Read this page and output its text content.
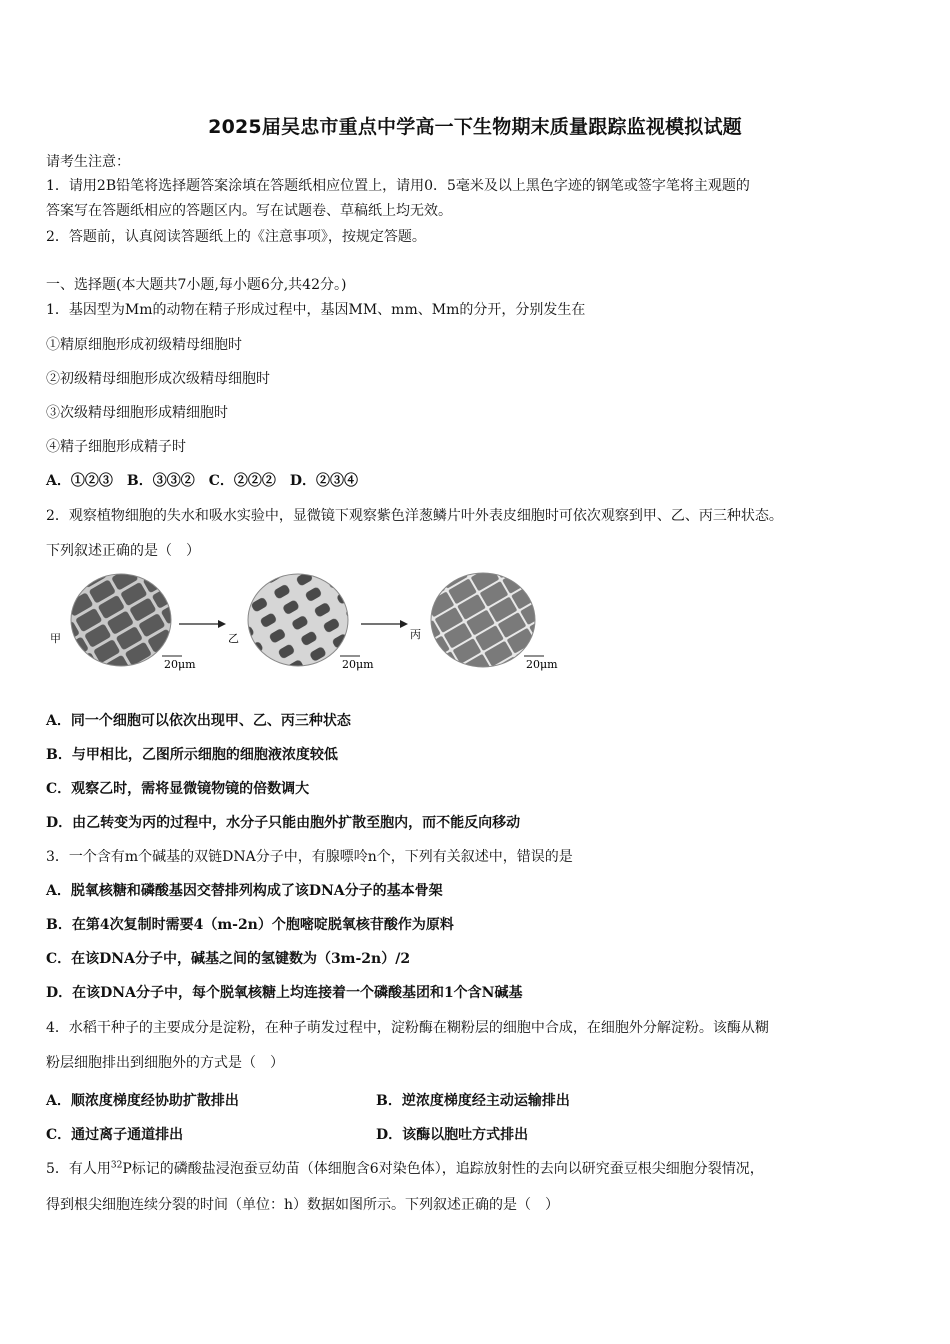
2025届吴忠市重点中学高一下生物期末质量跟踪监视模拟试题
请考生注意：
1．请用2B铅笔将选择题答案涂填在答题纸相应位置上，请用0．5毫米及以上黑色字迹的钢笔或签字笔将主观题的
答案写在答题纸相应的答题区内。写在试题卷、草稿纸上均无效。
2．答题前，认真阅读答题纸上的《注意事项》，按规定答题。
一、选择题(本大题共7小题,每小题6分,共42分。)
1．基因型为Mm的动物在精子形成过程中，基因MM、mm、Mm的分开，分别发生在
①精原细胞形成初级精母细胞时
②初级精母细胞形成次级精母细胞时
③次级精母细胞形成精细胞时
④精子细胞形成精子时
A．①②③　B．③③②　C．②②②　D．②③④
2．观察植物细胞的失水和吸水实验中，显微镜下观察紫色洋葱鳞片叶外表皮细胞时可依次观察到甲、乙、丙三种状态。
下列叙述正确的是（　）
甲
20μm
乙
20μm
丙
20μm
A．同一个细胞可以依次出现甲、乙、丙三种状态
B．与甲相比，乙图所示细胞的细胞液浓度较低
C．观察乙时，需将显微镜物镜的倍数调大
D．由乙转变为丙的过程中，水分子只能由胞外扩散至胞内，而不能反向移动
3．一个含有m个碱基的双链DNA分子中，有腺嘌呤n个，下列有关叙述中，错误的是
A．脱氧核糖和磷酸基因交替排列构成了该DNA分子的基本骨架
B．在第4次复制时需要4（m-2n）个胞嘧啶脱氧核苷酸作为原料
C．在该DNA分子中，碱基之间的氢键数为（3m-2n）/2
D．在该DNA分子中，每个脱氧核糖上均连接着一个磷酸基团和1个含N碱基
4．水稻干种子的主要成分是淀粉，在种子萌发过程中，淀粉酶在糊粉层的细胞中合成，在细胞外分解淀粉。该酶从糊
粉层细胞排出到细胞外的方式是（　）
A．顺浓度梯度经协助扩散排出	B．逆浓度梯度经主动运输排出
C．通过离子通道排出	D．该酶以胞吐方式排出
5．有人用$^{32}$P标记的磷酸盐浸泡蚕豆幼苗（体细胞含6对染色体），追踪放射性的去向以研究蚕豆根尖细胞分裂情况，
得到根尖细胞连续分裂的时间（单位：h）数据如图所示。下列叙述正确的是（　）
